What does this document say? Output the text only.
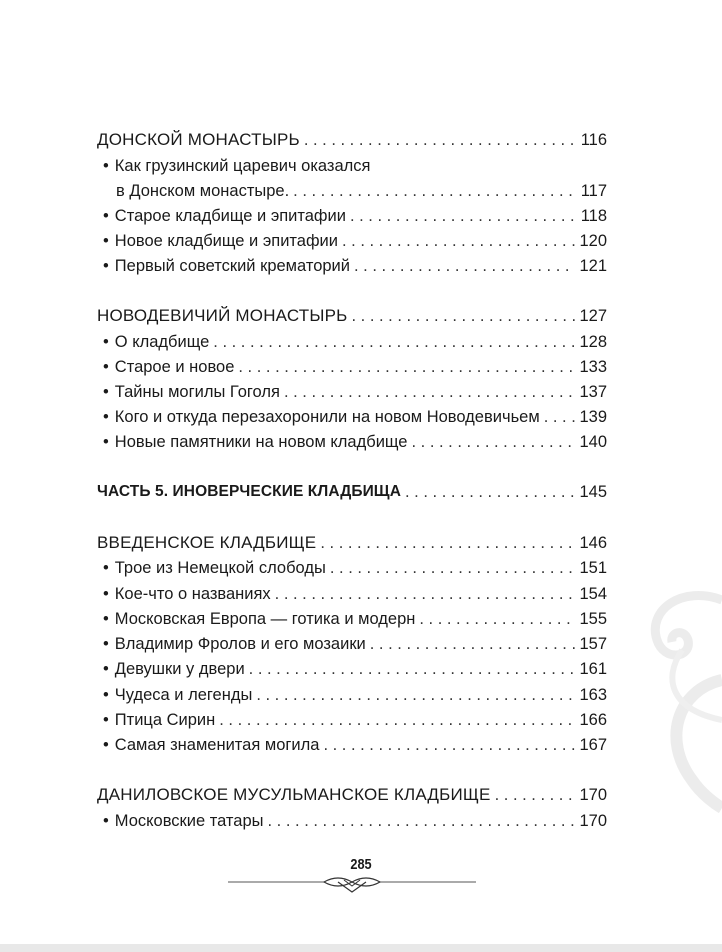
ДОНСКОЙ МОНАСТЫРЬ . . .	116
• Как грузинский царевич оказался
в Донском монастыре. . . .	117
• Старое кладбище и эпитафии . . .	118
• Новое кладбище и эпитафии . . .	120
• Первый советский крематорий . . .	121
НОВОДЕВИЧИЙ МОНАСТЫРЬ . . .	127
• О кладбище . . .	128
• Старое и новое . . .	133
• Тайны могилы Гоголя . . .	137
• Кого и откуда перезахоронили на новом Новодевичьем . . . 139
• Новые памятники на новом кладбище . . .	140
ЧАСТЬ 5. ИНОВЕРЧЕСКИЕ КЛАДБИЩА . . .	145
ВВЕДЕНСКОЕ КЛАДБИЩЕ . . .	146
• Трое из Немецкой слободы . . .	151
• Кое-что о названиях . . .	154
• Московская Европа — готика и модерн . . .	155
• Владимир Фролов и его мозаики . . .	157
• Девушки у двери . . .	161
• Чудеса и легенды . . .	163
• Птица Сирин . . .	166
• Самая знаменитая могила . . .	167
ДАНИЛОВСКОЕ МУСУЛЬМАНСКОЕ КЛАДБИЩЕ . . .	170
• Московские татары . . .	170
285
